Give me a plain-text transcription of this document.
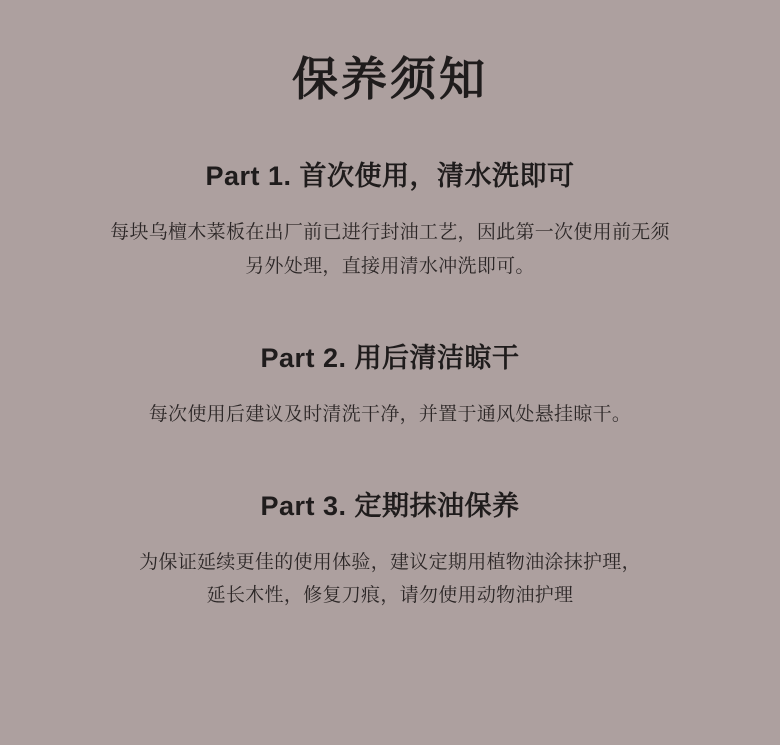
保养须知
Part 1. 首次使用，清水洗即可

每块乌檀木菜板在出厂前已进行封油工艺，因此第一次使用前无须
另外处理，直接用清水冲洗即可。

Part 2. 用后清洁晾干

每次使用后建议及时清洗干净，并置于通风处悬挂晾干。

Part 3. 定期抹油保养

为保证延续更佳的使用体验，建议定期用植物油涂抹护理，
延长木性，修复刀痕，请勿使用动物油护理
